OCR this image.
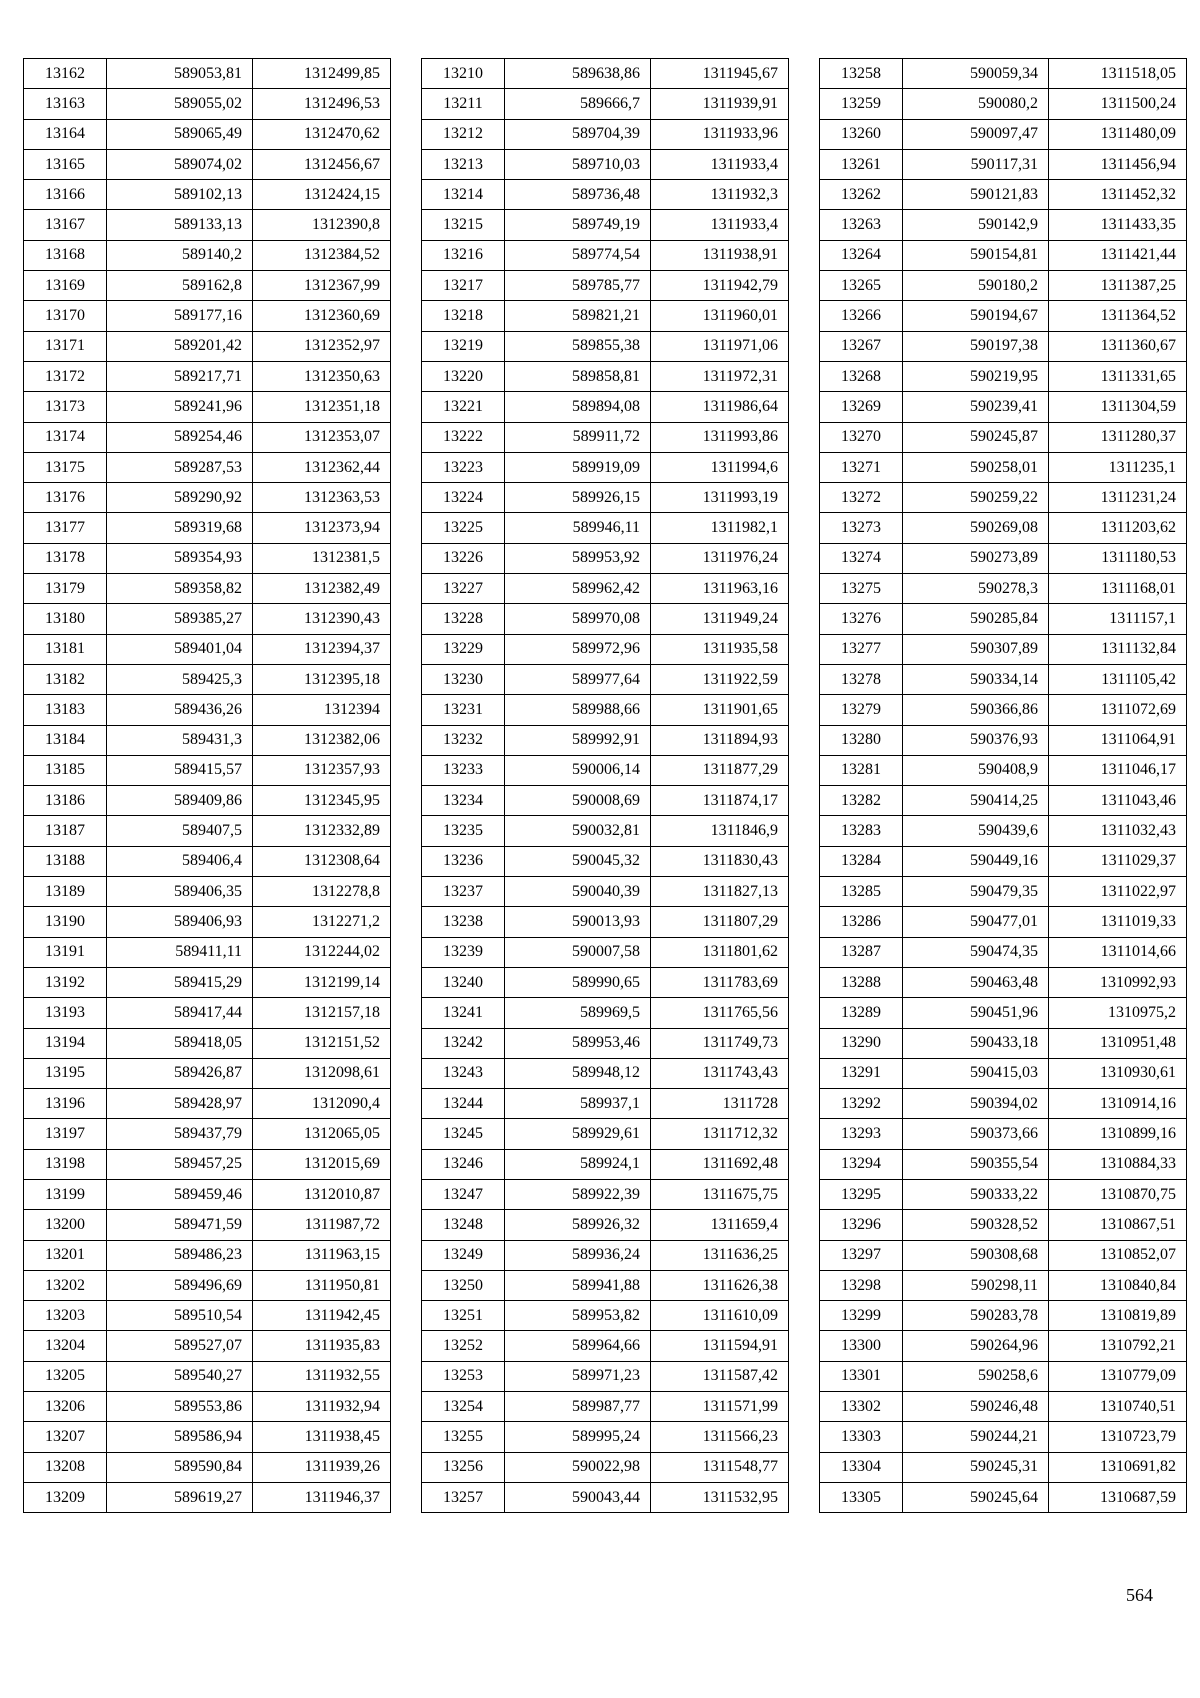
13162	589053,81	1312499,85
13163	589055,02	1312496,53
13164	589065,49	1312470,62
13165	589074,02	1312456,67
13166	589102,13	1312424,15
13167	589133,13	1312390,8
13168	589140,2	1312384,52
13169	589162,8	1312367,99
13170	589177,16	1312360,69
13171	589201,42	1312352,97
13172	589217,71	1312350,63
13173	589241,96	1312351,18
13174	589254,46	1312353,07
13175	589287,53	1312362,44
13176	589290,92	1312363,53
13177	589319,68	1312373,94
13178	589354,93	1312381,5
13179	589358,82	1312382,49
13180	589385,27	1312390,43
13181	589401,04	1312394,37
13182	589425,3	1312395,18
13183	589436,26	1312394
13184	589431,3	1312382,06
13185	589415,57	1312357,93
13186	589409,86	1312345,95
13187	589407,5	1312332,89
13188	589406,4	1312308,64
13189	589406,35	1312278,8
13190	589406,93	1312271,2
13191	589411,11	1312244,02
13192	589415,29	1312199,14
13193	589417,44	1312157,18
13194	589418,05	1312151,52
13195	589426,87	1312098,61
13196	589428,97	1312090,4
13197	589437,79	1312065,05
13198	589457,25	1312015,69
13199	589459,46	1312010,87
13200	589471,59	1311987,72
13201	589486,23	1311963,15
13202	589496,69	1311950,81
13203	589510,54	1311942,45
13204	589527,07	1311935,83
13205	589540,27	1311932,55
13206	589553,86	1311932,94
13207	589586,94	1311938,45
13208	589590,84	1311939,26
13209	589619,27	1311946,37
13210	589638,86	1311945,67
13211	589666,7	1311939,91
13212	589704,39	1311933,96
13213	589710,03	1311933,4
13214	589736,48	1311932,3
13215	589749,19	1311933,4
13216	589774,54	1311938,91
13217	589785,77	1311942,79
13218	589821,21	1311960,01
13219	589855,38	1311971,06
13220	589858,81	1311972,31
13221	589894,08	1311986,64
13222	589911,72	1311993,86
13223	589919,09	1311994,6
13224	589926,15	1311993,19
13225	589946,11	1311982,1
13226	589953,92	1311976,24
13227	589962,42	1311963,16
13228	589970,08	1311949,24
13229	589972,96	1311935,58
13230	589977,64	1311922,59
13231	589988,66	1311901,65
13232	589992,91	1311894,93
13233	590006,14	1311877,29
13234	590008,69	1311874,17
13235	590032,81	1311846,9
13236	590045,32	1311830,43
13237	590040,39	1311827,13
13238	590013,93	1311807,29
13239	590007,58	1311801,62
13240	589990,65	1311783,69
13241	589969,5	1311765,56
13242	589953,46	1311749,73
13243	589948,12	1311743,43
13244	589937,1	1311728
13245	589929,61	1311712,32
13246	589924,1	1311692,48
13247	589922,39	1311675,75
13248	589926,32	1311659,4
13249	589936,24	1311636,25
13250	589941,88	1311626,38
13251	589953,82	1311610,09
13252	589964,66	1311594,91
13253	589971,23	1311587,42
13254	589987,77	1311571,99
13255	589995,24	1311566,23
13256	590022,98	1311548,77
13257	590043,44	1311532,95
13258	590059,34	1311518,05
13259	590080,2	1311500,24
13260	590097,47	1311480,09
13261	590117,31	1311456,94
13262	590121,83	1311452,32
13263	590142,9	1311433,35
13264	590154,81	1311421,44
13265	590180,2	1311387,25
13266	590194,67	1311364,52
13267	590197,38	1311360,67
13268	590219,95	1311331,65
13269	590239,41	1311304,59
13270	590245,87	1311280,37
13271	590258,01	1311235,1
13272	590259,22	1311231,24
13273	590269,08	1311203,62
13274	590273,89	1311180,53
13275	590278,3	1311168,01
13276	590285,84	1311157,1
13277	590307,89	1311132,84
13278	590334,14	1311105,42
13279	590366,86	1311072,69
13280	590376,93	1311064,91
13281	590408,9	1311046,17
13282	590414,25	1311043,46
13283	590439,6	1311032,43
13284	590449,16	1311029,37
13285	590479,35	1311022,97
13286	590477,01	1311019,33
13287	590474,35	1311014,66
13288	590463,48	1310992,93
13289	590451,96	1310975,2
13290	590433,18	1310951,48
13291	590415,03	1310930,61
13292	590394,02	1310914,16
13293	590373,66	1310899,16
13294	590355,54	1310884,33
13295	590333,22	1310870,75
13296	590328,52	1310867,51
13297	590308,68	1310852,07
13298	590298,11	1310840,84
13299	590283,78	1310819,89
13300	590264,96	1310792,21
13301	590258,6	1310779,09
13302	590246,48	1310740,51
13303	590244,21	1310723,79
13304	590245,31	1310691,82
13305	590245,64	1310687,59
564
